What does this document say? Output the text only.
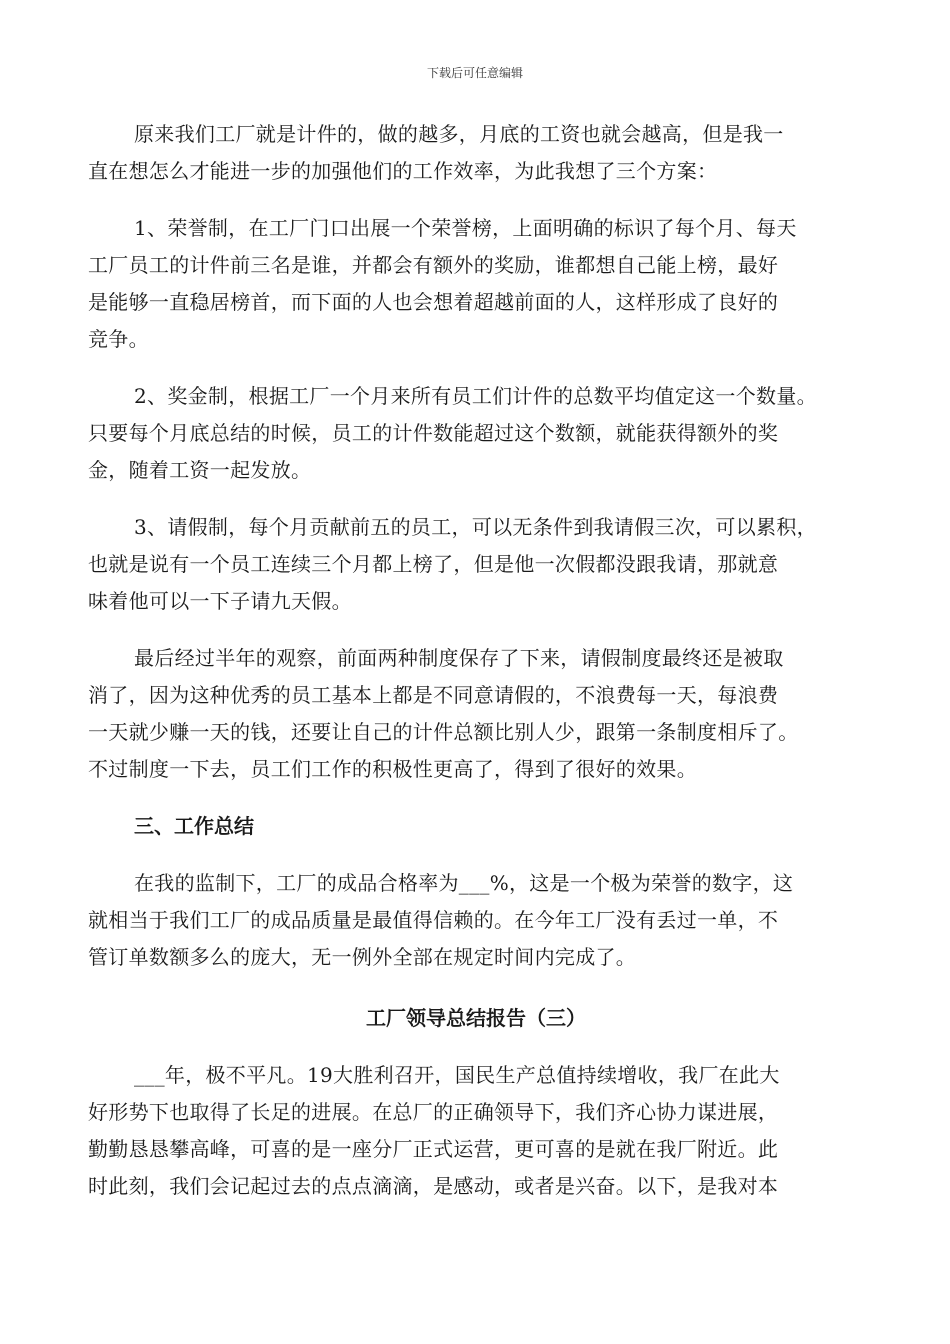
下载后可任意编辑
原来我们工厂就是计件的，做的越多，月底的工资也就会越高，但是我一
直在想怎么才能进一步的加强他们的工作效率，为此我想了三个方案：
1、荣誉制，在工厂门口出展一个荣誉榜，上面明确的标识了每个月、每天
工厂员工的计件前三名是谁，并都会有额外的奖励，谁都想自己能上榜，最好
是能够一直稳居榜首，而下面的人也会想着超越前面的人，这样形成了良好的
竞争。
2、奖金制，根据工厂一个月来所有员工们计件的总数平均值定这一个数量。
只要每个月底总结的时候，员工的计件数能超过这个数额，就能获得额外的奖
金，随着工资一起发放。
3、请假制，每个月贡献前五的员工，可以无条件到我请假三次，可以累积，
也就是说有一个员工连续三个月都上榜了，但是他一次假都没跟我请，那就意
味着他可以一下子请九天假。
最后经过半年的观察，前面两种制度保存了下来，请假制度最终还是被取
消了，因为这种优秀的员工基本上都是不同意请假的，不浪费每一天，每浪费
一天就少赚一天的钱，还要让自己的计件总额比别人少，跟第一条制度相斥了。
不过制度一下去，员工们工作的积极性更高了，得到了很好的效果。
三、工作总结
在我的监制下，工厂的成品合格率为___%，这是一个极为荣誉的数字，这
就相当于我们工厂的成品质量是最值得信赖的。在今年工厂没有丢过一单，不
管订单数额多么的庞大，无一例外全部在规定时间内完成了。
工厂领导总结报告（三）
___年，极不平凡。19大胜利召开，国民生产总值持续增收，我厂在此大
好形势下也取得了长足的进展。在总厂的正确领导下，我们齐心协力谋进展，
勤勤恳恳攀高峰，可喜的是一座分厂正式运营，更可喜的是就在我厂附近。此
时此刻，我们会记起过去的点点滴滴，是感动，或者是兴奋。以下，是我对本
